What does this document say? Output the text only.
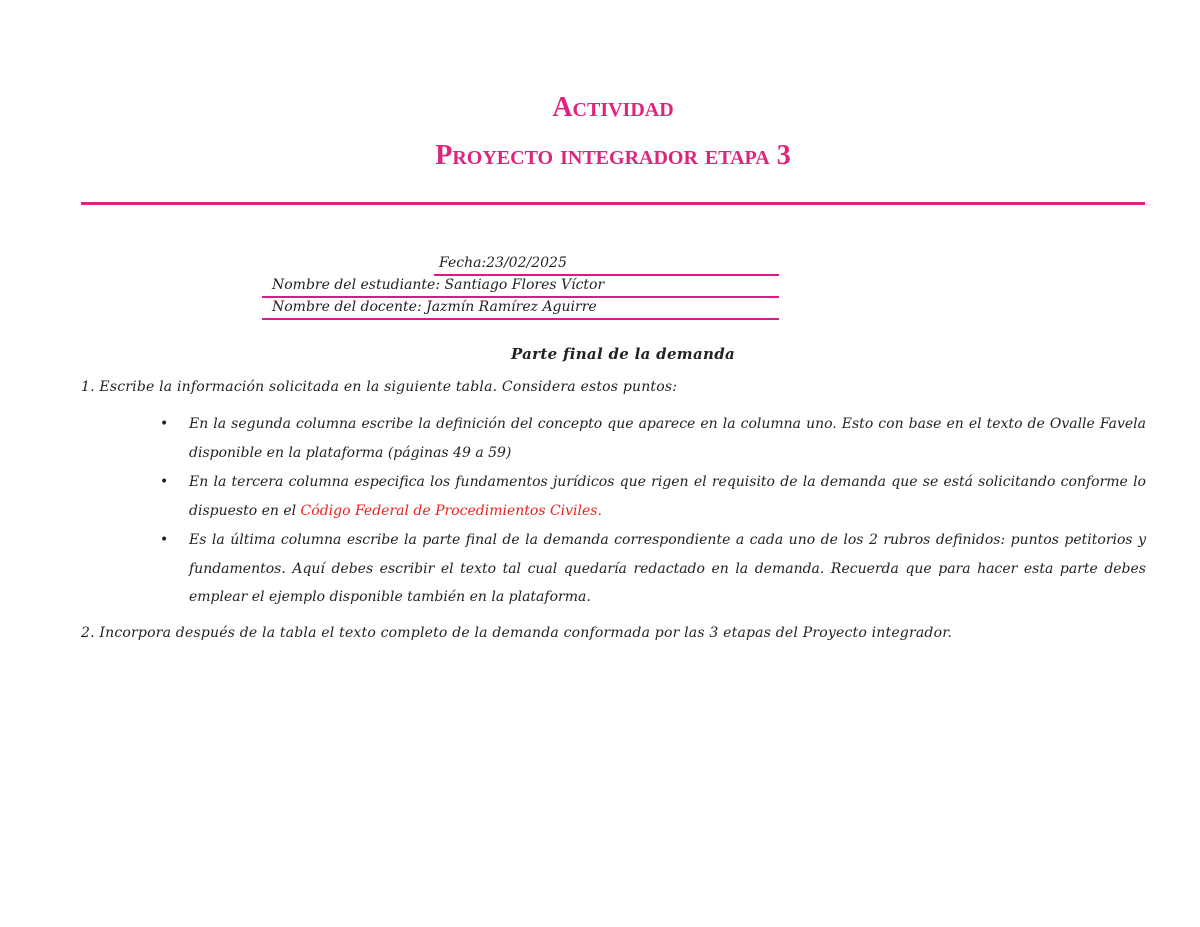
Actividad
Proyecto integrador etapa 3
Fecha:23/02/2025
Nombre del estudiante: Santiago Flores Víctor
Nombre del docente: Jazmín Ramírez Aguirre
Parte final de la demanda

1. Escribe la información solicitada en la siguiente tabla. Considera estos puntos:

• En la segunda columna escribe la definición del concepto que aparece en la columna uno. Esto con base en el texto de Ovalle Favela disponible en la plataforma (páginas 49 a 59)
• En la tercera columna especifica los fundamentos jurídicos que rigen el requisito de la demanda que se está solicitando conforme lo dispuesto en el Código Federal de Procedimientos Civiles.
• Es la última columna escribe la parte final de la demanda correspondiente a cada uno de los 2 rubros definidos: puntos petitorios y fundamentos. Aquí debes escribir el texto tal cual quedaría redactado en la demanda. Recuerda que para hacer esta parte debes emplear el ejemplo disponible también en la plataforma.

2. Incorpora después de la tabla el texto completo de la demanda conformada por las 3 etapas del Proyecto integrador.
